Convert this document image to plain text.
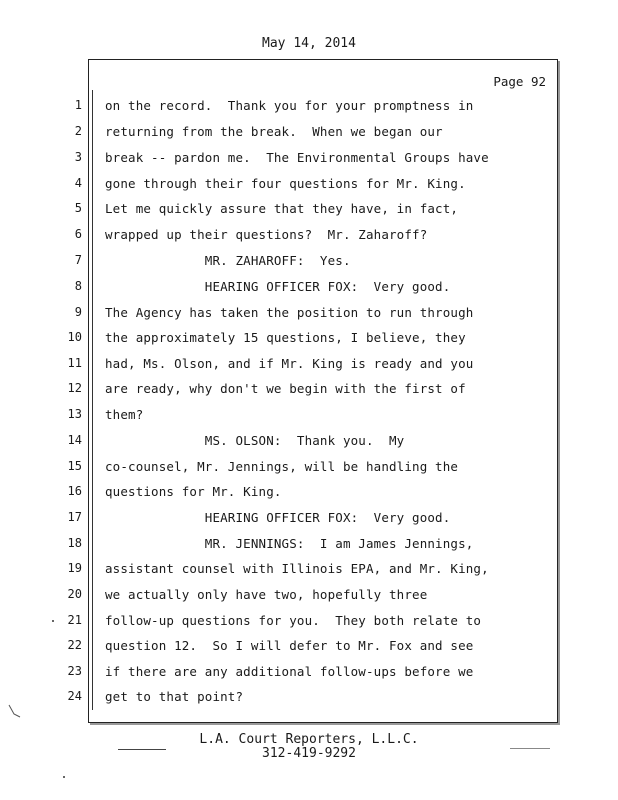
May 14, 2014
Page 92
1 on the record.  Thank you for your promptness in
2 returning from the break.  When we began our
3 break -- pardon me.  The Environmental Groups have
4 gone through their four questions for Mr. King.
5 Let me quickly assure that they have, in fact,
6 wrapped up their questions?  Mr. Zaharoff?
7 MR. ZAHAROFF:  Yes.
8 HEARING OFFICER FOX:  Very good.
9 The Agency has taken the position to run through
10 the approximately 15 questions, I believe, they
11 had, Ms. Olson, and if Mr. King is ready and you
12 are ready, why don't we begin with the first of
13 them?
14 MS. OLSON:  Thank you.  My
15 co-counsel, Mr. Jennings, will be handling the
16 questions for Mr. King.
17 HEARING OFFICER FOX:  Very good.
18 MR. JENNINGS:  I am James Jennings,
19 assistant counsel with Illinois EPA, and Mr. King,
20 we actually only have two, hopefully three
21 follow-up questions for you.  They both relate to
22 question 12.  So I will defer to Mr. Fox and see
23 if there are any additional follow-ups before we
24 get to that point?
L.A. Court Reporters, L.L.C.
312-419-9292
